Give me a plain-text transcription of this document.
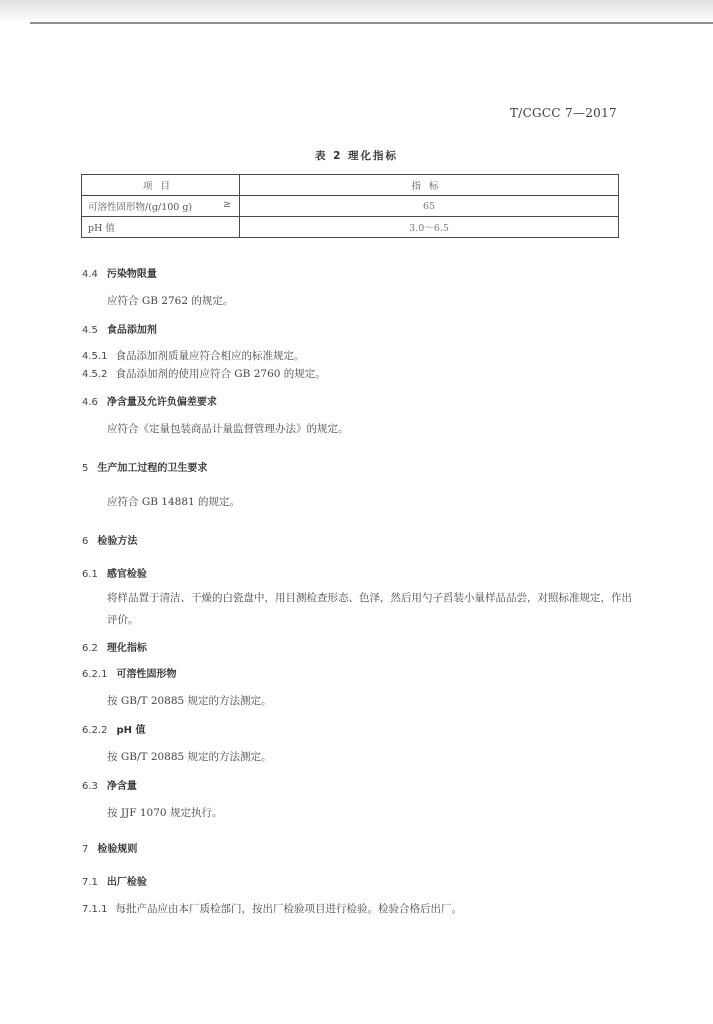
T/CGCC 7—2017
表 2 理化指标
项目	指标
可溶性固形物/(g/100 g) ≥	65
pH 值	3.0～6.5
4.4 污染物限量
应符合 GB 2762 的规定。
4.5 食品添加剂
4.5.1 食品添加剂质量应符合相应的标准规定。
4.5.2 食品添加剂的使用应符合 GB 2760 的规定。
4.6 净含量及允许负偏差要求
应符合《定量包装商品计量监督管理办法》的规定。
5 生产加工过程的卫生要求
应符合 GB 14881 的规定。
6 检验方法
6.1 感官检验
将样品置于清洁、干燥的白瓷盘中，用目测检查形态、色泽，然后用勺子舀装小量样品品尝，对照标准规定，作出评价。
6.2 理化指标
6.2.1 可溶性固形物
按 GB/T 20885 规定的方法测定。
6.2.2 pH 值
按 GB/T 20885 规定的方法测定。
6.3 净含量
按 JJF 1070 规定执行。
7 检验规则
7.1 出厂检验
7.1.1 每批产品应由本厂质检部门，按出厂检验项目进行检验。检验合格后出厂。
